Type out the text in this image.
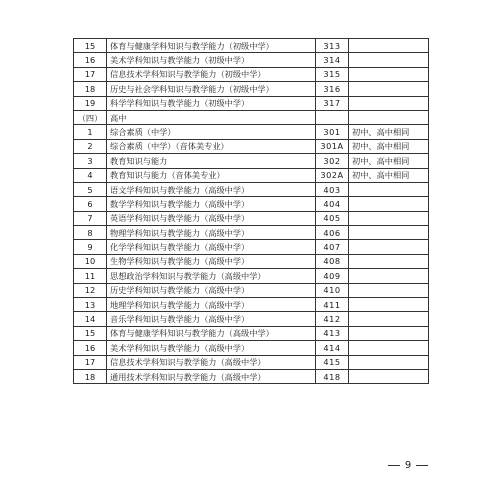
15	体育与健康学科知识与教学能力（初级中学）	313	
16	美术学科知识与教学能力（初级中学）	314	
17	信息技术学科知识与教学能力（初级中学）	315	
18	历史与社会学科知识与教学能力（初级中学）	316	
19	科学学科知识与教学能力（初级中学）	317	
（四）	高中		
1	综合素质（中学）	301	初中、高中相同
2	综合素质（中学）（音体美专业）	301A	初中、高中相同
3	教育知识与能力	302	初中、高中相同
4	教育知识与能力（音体美专业）	302A	初中、高中相同
5	语文学科知识与教学能力（高级中学）	403	
6	数学学科知识与教学能力（高级中学）	404	
7	英语学科知识与教学能力（高级中学）	405	
8	物理学科知识与教学能力（高级中学）	406	
9	化学学科知识与教学能力（高级中学）	407	
10	生物学科知识与教学能力（高级中学）	408	
11	思想政治学科知识与教学能力（高级中学）	409	
12	历史学科知识与教学能力（高级中学）	410	
13	地理学科知识与教学能力（高级中学）	411	
14	音乐学科知识与教学能力（高级中学）	412	
15	体育与健康学科知识与教学能力（高级中学）	413	
16	美术学科知识与教学能力（高级中学）	414	
17	信息技术学科知识与教学能力（高级中学）	415	
18	通用技术学科知识与教学能力（高级中学）	418	
9
